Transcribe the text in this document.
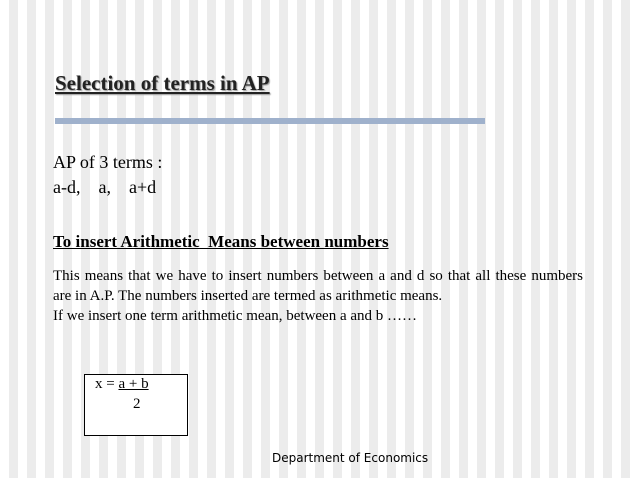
Selection of terms in AP
AP of 3 terms :
a-d,    a,    a+d
To insert Arithmetic  Means between numbers
This means that we have to insert numbers between a and d so that all these numbers are in A.P. The numbers inserted are termed as arithmetic means.
If we insert one term arithmetic mean, between a and b ……
x = a + b
2
Department of Economics
